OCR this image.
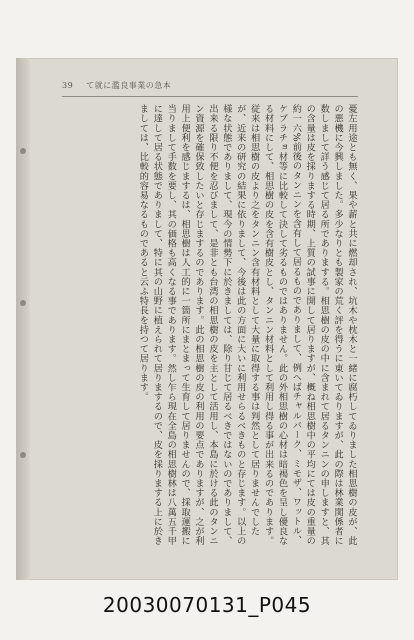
39 て就に濫良事業の急本

憂左用途とも無く、果や薪と共に燃却され、坑木や枕木と一緒に腐朽してゐりました相思樹の皮が、此の悪機に今興しました。多少なりとも製家の荒く評を得うに東いてゐりますが、此の際は林業関係者に数しまして詳う感じて居る所でありまする。相思樹の皮の中に含まれて居るタンニンの申しますと、其の含量は皮を採りまする時期、上質の試事に開して居りますが、概ね相思樹中の平均にては皮の重量の約一六%前後のタンニンを含有して居るものでありまして、例へばチャルバーク、ミモザ、ワットル、ケブラチョ材等に比較して決して劣るものではありません。此の外相思樹の心材は暗褐色を呈し優良なる材料にして、相思樹の皮を含有樹皮とし、タンニン材料として利用し得る事が出来るのであります。従来は相思樹の皮より之をタンニン含有材料として大量に取得する事は判然として居りませんでしたが、近来の研究の結果に依りまして、今後は此の方面に大いに利用せらるべきものと存じます。以上の様な状態でありまして、現今の情勢下に於きましては、除り甘じて居るべきではないのでありまして、出来る限り不便を忍びまして、是非とも台湾の相思樹の皮を主として活用し、本島に於ける此のタンニン資源を確保致したいと存じまするのであります。此の相思樹の皮の利用の要点でありますが、之が利用上便利を感じまするは、相思樹は人工的に一箇所にまとまって生育して居りませんので、採取運搬に当りまして手数を要し、其の価格も高くなる事であります。然し乍ら現在全島の相思樹林は八萬五千甲に達して居る状態でありまして、特に其の山野に植えられて居りまするので、皮を採りまする上に於きましては、比較的容易なるものであると云ふ特長を持つて居ります。

20030070131_P045
